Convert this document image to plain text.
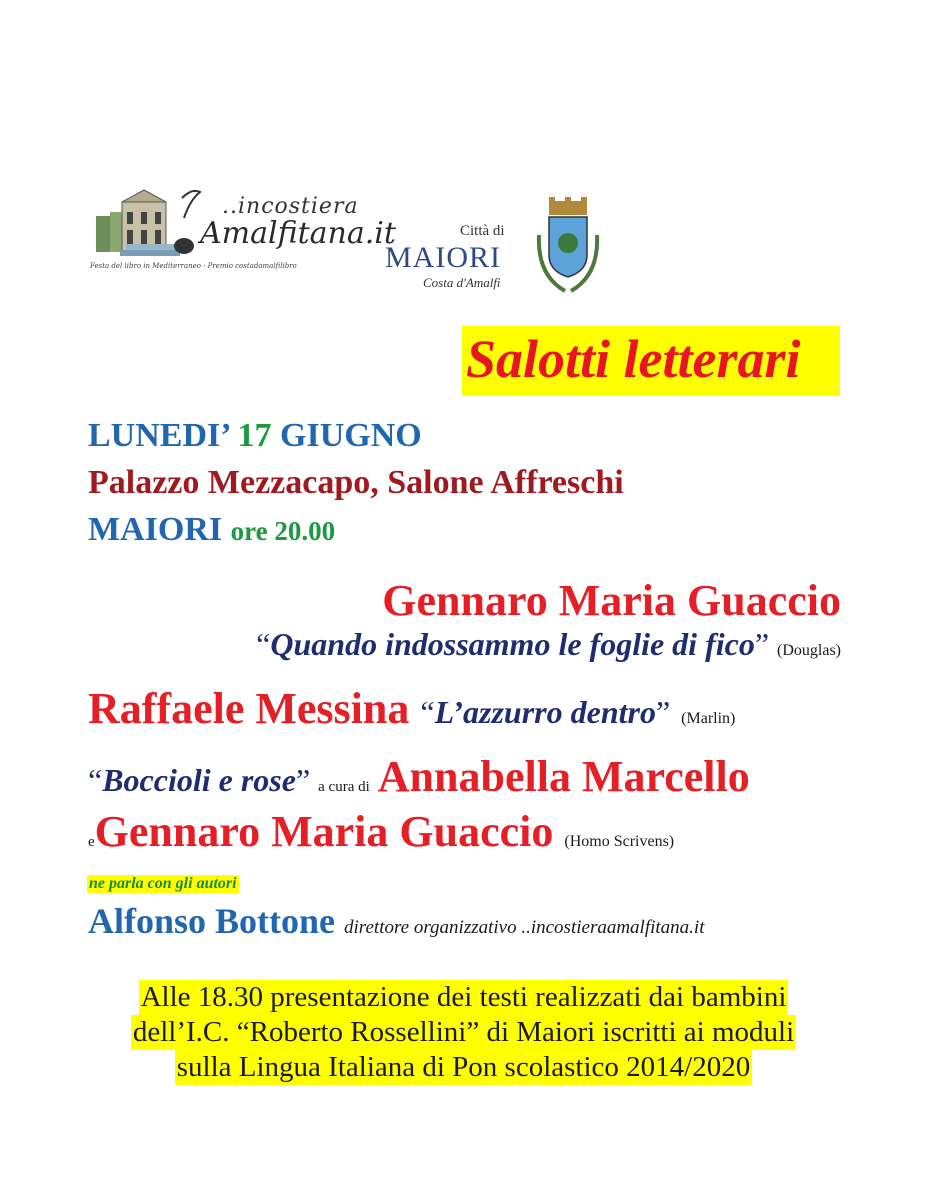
..incostiera
Amalfitana.it
Festa del libro in Mediterraneo · Premio costadamalfilibro
Città di
MAIORI
Costa d'Amalfi
Salotti letterari
LUNEDI’ 17 GIUGNO
Palazzo Mezzacapo, Salone Affreschi
MAIORI ore 20.00
Gennaro Maria Guaccio
“Quando indossammo le foglie di fico” (Douglas)
Raffaele Messina “L’azzurro dentro” (Marlin)
“Boccioli e rose” a cura di Annabella Marcello
eGennaro Maria Guaccio (Homo Scrivens)
ne parla con gli autori
Alfonso Bottone direttore organizzativo ..incostieraamalfitana.it
Alle 18.30 presentazione dei testi realizzati dai bambini
dell’I.C. “Roberto Rossellini” di Maiori iscritti ai moduli
sulla Lingua Italiana di Pon scolastico 2014/2020
